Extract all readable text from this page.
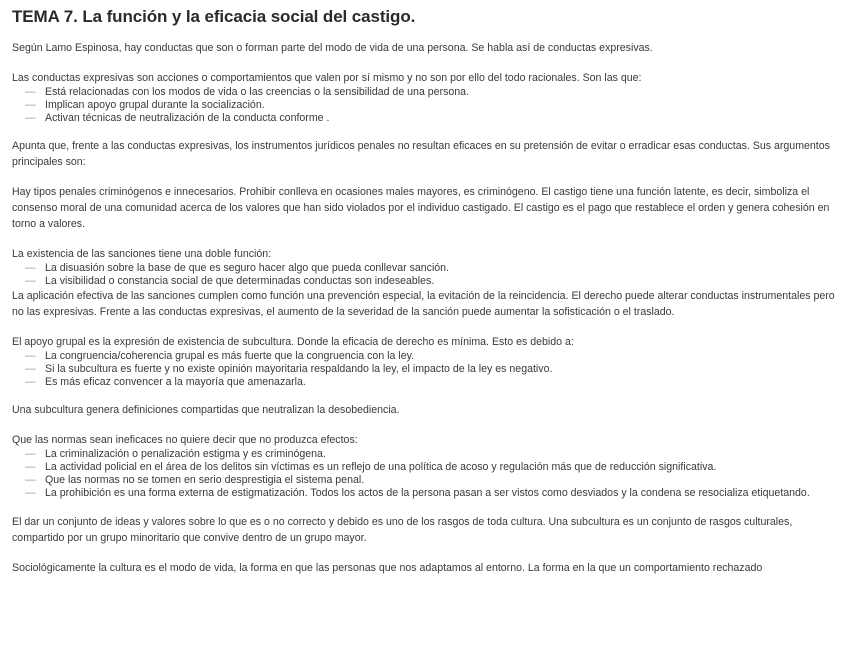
TEMA 7. La función y la eficacia social del castigo.

Según Lamo Espinosa, hay conductas que son o forman parte del modo de vida de una persona. Se habla así de conductas expresivas.

Las conductas expresivas son acciones o comportamientos que valen por sí mismo y no son por ello del todo racionales. Son las que:

— Está relacionadas con los modos de vida o las creencias o la sensibilidad de una persona.
— Implican apoyo grupal durante la socialización.
— Activan técnicas de neutralización de la conducta conforme .

Apunta que, frente a las conductas expresivas, los instrumentos jurídicos penales no resultan eficaces en su pretensión de evitar o erradicar esas conductas. Sus argumentos principales son:

Hay tipos penales criminógenos e innecesarios. Prohibir conlleva en ocasiones males mayores, es criminógeno. El castigo tiene una función latente, es decir, simboliza el consenso moral de una comunidad acerca de los valores que han sido violados por el individuo castigado. El castigo es el pago que restablece el orden y genera cohesión en torno a valores.

La existencia de las sanciones tiene una doble función:

— La disuasión sobre la base de que es seguro hacer algo que pueda conllevar sanción.
— La visibilidad o constancia social de que determinadas conductas son indeseables.

La aplicación efectiva de las sanciones cumplen como función una prevención especial, la evitación de la reincidencia. El derecho puede alterar conductas instrumentales pero no las expresivas. Frente a las conductas expresivas, el aumento de la severidad de la sanción puede aumentar la sofisticación o el traslado.

El apoyo grupal es la expresión de existencia de subcultura. Donde la eficacia de derecho es mínima. Esto es debido a:

— La congruencia/coherencia grupal es más fuerte que la congruencia con la ley.
— Si la subcultura es fuerte y no existe opinión mayoritaria respaldando la ley, el impacto de la ley es negativo.
— Es más eficaz convencer a la mayoría que amenazarla.

Una subcultura genera definiciones compartidas que neutralizan la desobediencia.

Que las normas sean ineficaces no quiere decir que no produzca efectos:

— La criminalización o penalización estigma y es criminógena.
— La actividad policial en el área de los delitos sin víctimas es un reflejo de una política de acoso y regulación más que de reducción significativa.
— Que las normas no se tomen en serio desprestigia el sistema penal.
— La prohibición es una forma externa de estigmatización. Todos los actos de la persona pasan a ser vistos como desviados y la condena se resocializa etiquetando.

El dar un conjunto de ideas y valores sobre lo que es o no correcto y debido es uno de los rasgos de toda cultura. Una subcultura es un conjunto de rasgos culturales, compartido por un grupo minoritario que convive dentro de un grupo mayor.

Sociológicamente la cultura es el modo de vida, la forma en que las personas que nos adaptamos al entorno. La forma en la que un comportamiento rechazado
